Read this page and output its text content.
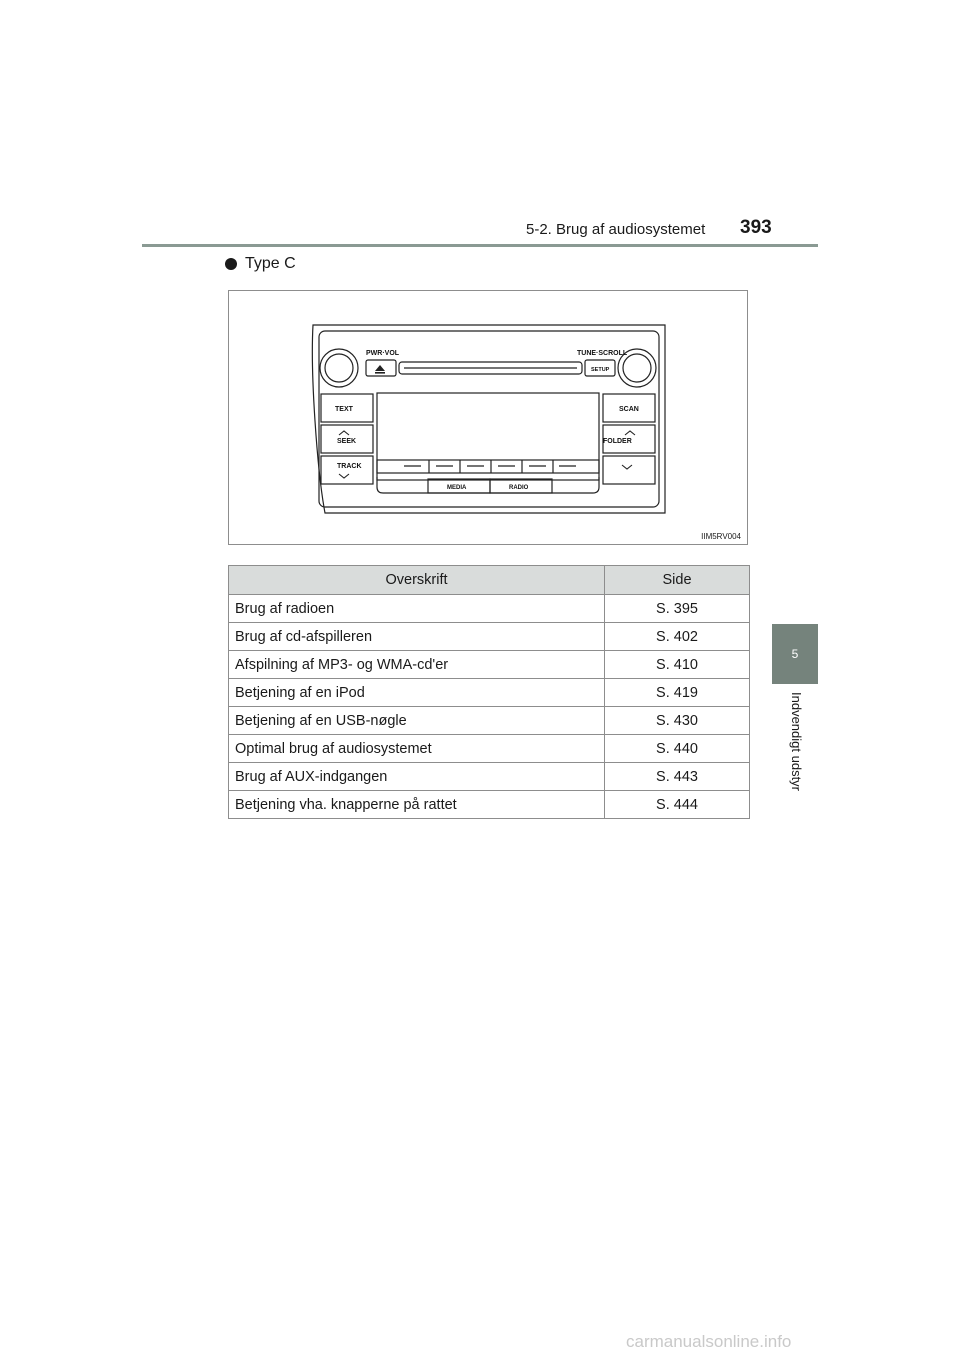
5-2. Brug af audiosystemet 393
Type C
PWR·VOL	TUNE·SCROLL
SETUP
TEXT	SCAN
SEEK	FOLDER
TRACK
MEDIA	RADIO
IIM5RV004
Overskrift	Side
Brug af radioen	S. 395
Brug af cd-afspilleren	S. 402
Afspilning af MP3- og WMA-cd'er	S. 410
Betjening af en iPod	S. 419
Betjening af en USB-nøgle	S. 430
Optimal brug af audiosystemet	S. 440
Brug af AUX-indgangen	S. 443
Betjening vha. knapperne på rattet	S. 444
5
Indvendigt udstyr
carmanualsonline.info
